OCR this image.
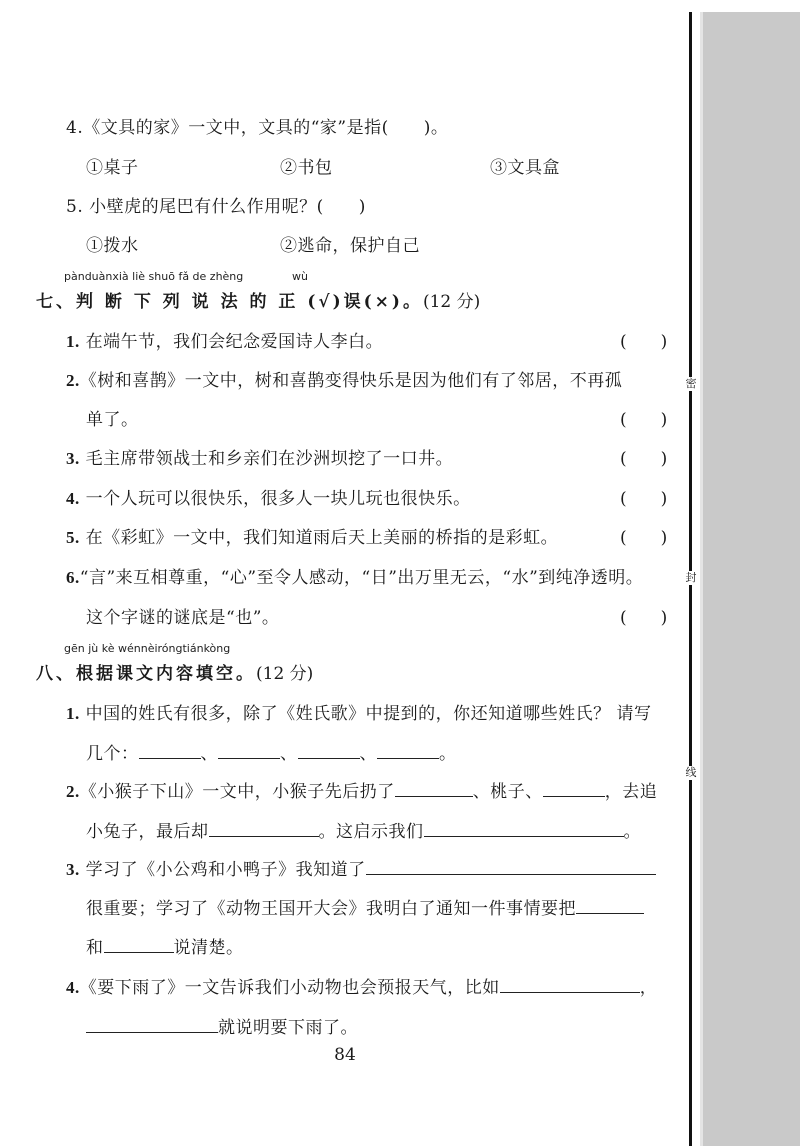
4.《文具的家》一文中，文具的“家”是指(　　)。
①桌子	②书包	③文具盒
5. 小壁虎的尾巴有什么作用呢？(　　)
①拨水	②逃命，保护自己
pànduànxià liè shuō fǎ de zhèng	wù
七、判 断 下 列 说 法 的 正 (√)误(×)。(12 分)
1. 在端午节，我们会纪念爱国诗人李白。	(　　)
2.《树和喜鹊》一文中，树和喜鹊变得快乐是因为他们有了邻居，不再孤
单了。	(　　)
3. 毛主席带领战士和乡亲们在沙洲坝挖了一口井。	(　　)
4. 一个人玩可以很快乐，很多人一块儿玩也很快乐。	(　　)
5. 在《彩虹》一文中，我们知道雨后天上美丽的桥指的是彩虹。	(　　)
6.“言”来互相尊重，“心”至令人感动，“日”出万里无云，“水”到纯净透明。
这个字谜的谜底是“也”。	(　　)
gēn jù kè wénnèiróngtiánkòng
八、根据课文内容填空。(12 分)
1. 中国的姓氏有很多，除了《姓氏歌》中提到的，你还知道哪些姓氏？ 请写
几个：	、	、	、	。
2.《小猴子下山》一文中，小猴子先后扔了	、桃子、	，去追
小兔子，最后却	。这启示我们	。
3. 学习了《小公鸡和小鸭子》我知道了
很重要；学习了《动物王国开大会》我明白了通知一件事情要把
和	说清楚。
4.《要下雨了》一文告诉我们小动物也会预报天气，比如	，
就说明要下雨了。
84
密
封
线
